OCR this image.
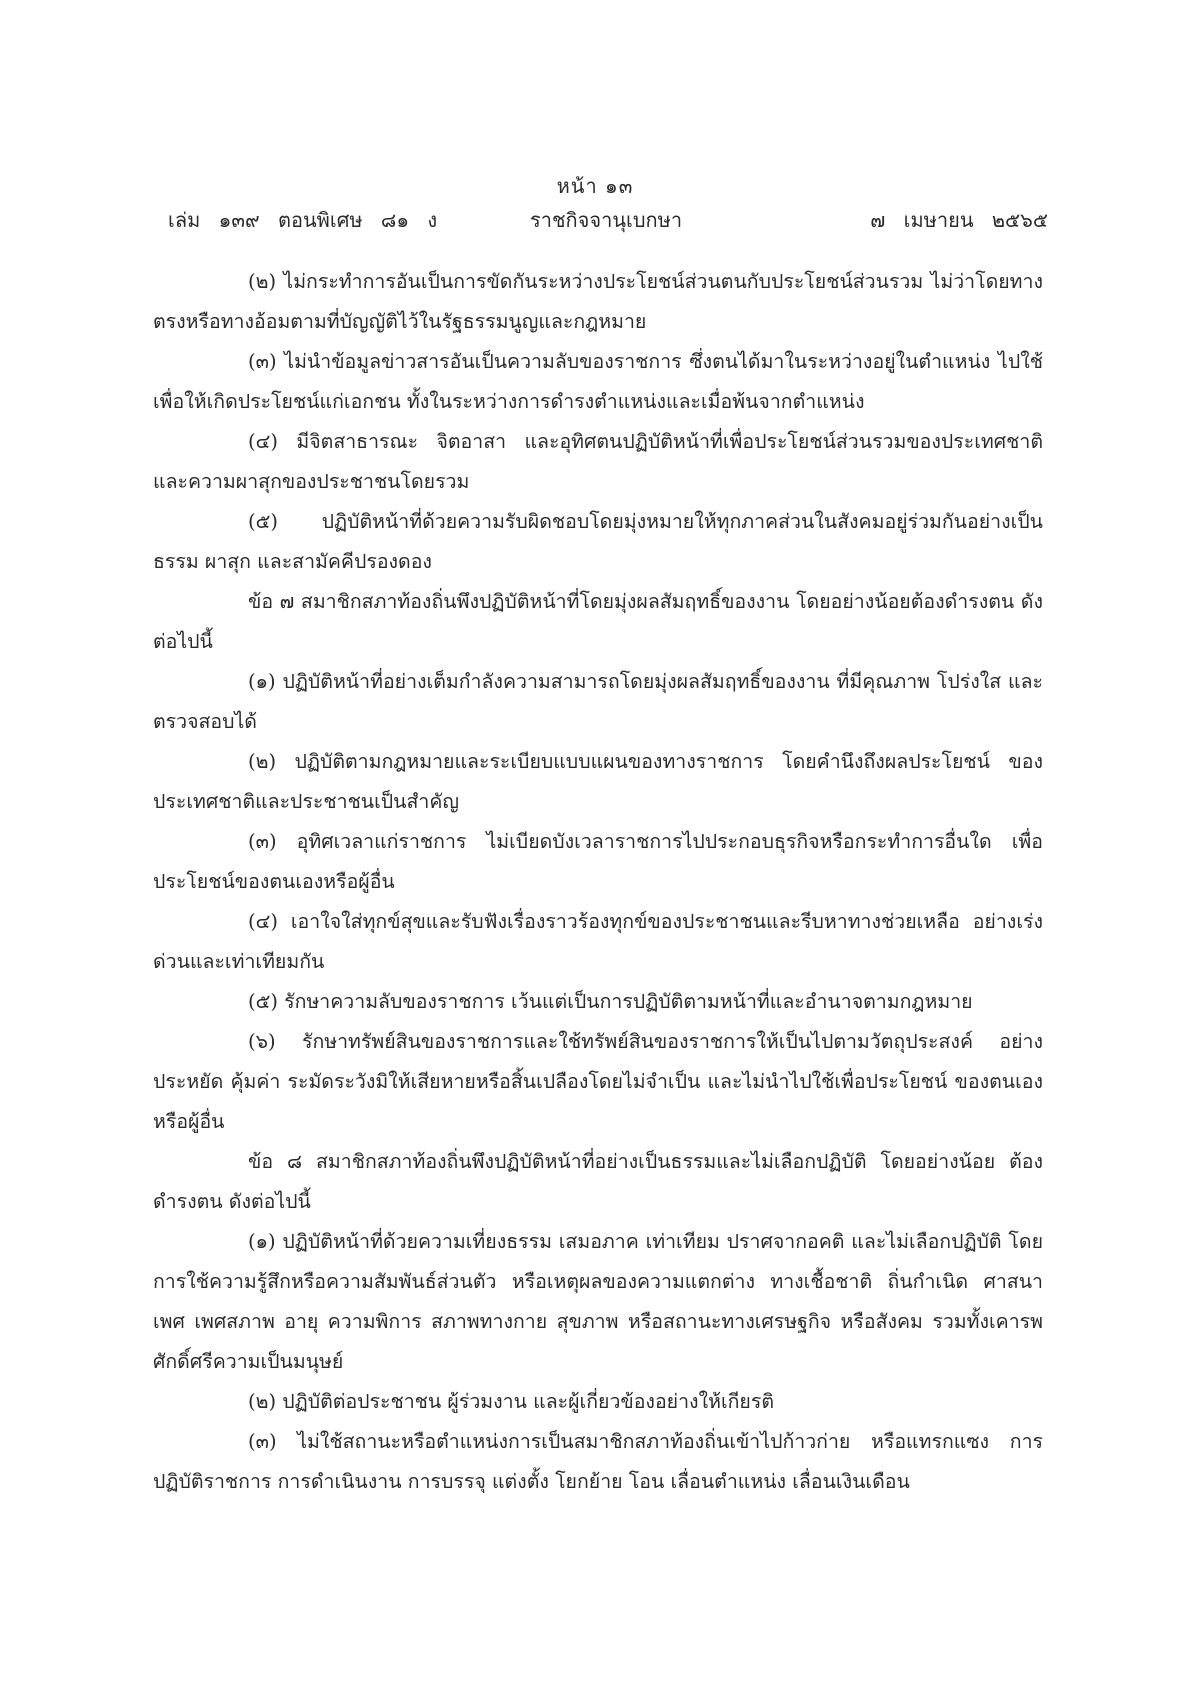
หน้า ๑๓
เล่ม ๑๓๙ ตอนพิเศษ ๘๑ ง	ราชกิจจานุเบกษา	๗ เมษายน ๒๕๖๕

(๒) ไม่กระทำการอันเป็นการขัดกันระหว่างประโยชน์ส่วนตนกับประโยชน์ส่วนรวม ไม่ว่าโดยทางตรงหรือทางอ้อมตามที่บัญญัติไว้ในรัฐธรรมนูญและกฎหมาย

(๓) ไม่นำข้อมูลข่าวสารอันเป็นความลับของราชการ ซึ่งตนได้มาในระหว่างอยู่ในตำแหน่ง ไปใช้เพื่อให้เกิดประโยชน์แก่เอกชน ทั้งในระหว่างการดำรงตำแหน่งและเมื่อพ้นจากตำแหน่ง

(๔) มีจิตสาธารณะ จิตอาสา และอุทิศตนปฏิบัติหน้าที่เพื่อประโยชน์ส่วนรวมของประเทศชาติ และความผาสุกของประชาชนโดยรวม

(๕) ปฏิบัติหน้าที่ด้วยความรับผิดชอบโดยมุ่งหมายให้ทุกภาคส่วนในสังคมอยู่ร่วมกันอย่างเป็นธรรม ผาสุก และสามัคคีปรองดอง

ข้อ ๗ สมาชิกสภาท้องถิ่นพึงปฏิบัติหน้าที่โดยมุ่งผลสัมฤทธิ์ของงาน โดยอย่างน้อยต้องดำรงตน ดังต่อไปนี้

(๑) ปฏิบัติหน้าที่อย่างเต็มกำลังความสามารถโดยมุ่งผลสัมฤทธิ์ของงาน ที่มีคุณภาพ โปร่งใส และตรวจสอบได้

(๒) ปฏิบัติตามกฎหมายและระเบียบแบบแผนของทางราชการ โดยคำนึงถึงผลประโยชน์ ของประเทศชาติและประชาชนเป็นสำคัญ

(๓) อุทิศเวลาแก่ราชการ ไม่เบียดบังเวลาราชการไปประกอบธุรกิจหรือกระทำการอื่นใด เพื่อประโยชน์ของตนเองหรือผู้อื่น

(๔) เอาใจใส่ทุกข์สุขและรับฟังเรื่องราวร้องทุกข์ของประชาชนและรีบหาทางช่วยเหลือ อย่างเร่งด่วนและเท่าเทียมกัน

(๕) รักษาความลับของราชการ เว้นแต่เป็นการปฏิบัติตามหน้าที่และอำนาจตามกฎหมาย

(๖) รักษาทรัพย์สินของราชการและใช้ทรัพย์สินของราชการให้เป็นไปตามวัตถุประสงค์ อย่างประหยัด คุ้มค่า ระมัดระวังมิให้เสียหายหรือสิ้นเปลืองโดยไม่จำเป็น และไม่นำไปใช้เพื่อประโยชน์ ของตนเองหรือผู้อื่น

ข้อ ๘ สมาชิกสภาท้องถิ่นพึงปฏิบัติหน้าที่อย่างเป็นธรรมและไม่เลือกปฏิบัติ โดยอย่างน้อย ต้องดำรงตน ดังต่อไปนี้

(๑) ปฏิบัติหน้าที่ด้วยความเที่ยงธรรม เสมอภาค เท่าเทียม ปราศจากอคติ และไม่เลือกปฏิบัติ โดยการใช้ความรู้สึกหรือความสัมพันธ์ส่วนตัว หรือเหตุผลของความแตกต่าง ทางเชื้อชาติ ถิ่นกำเนิด ศาสนา เพศ เพศสภาพ อายุ ความพิการ สภาพทางกาย สุขภาพ หรือสถานะทางเศรษฐกิจ หรือสังคม รวมทั้งเคารพศักดิ์ศรีความเป็นมนุษย์

(๒) ปฏิบัติต่อประชาชน ผู้ร่วมงาน และผู้เกี่ยวข้องอย่างให้เกียรติ

(๓) ไม่ใช้สถานะหรือตำแหน่งการเป็นสมาชิกสภาท้องถิ่นเข้าไปก้าวก่าย หรือแทรกแซง การปฏิบัติราชการ การดำเนินงาน การบรรจุ แต่งตั้ง โยกย้าย โอน เลื่อนตำแหน่ง เลื่อนเงินเดือน
